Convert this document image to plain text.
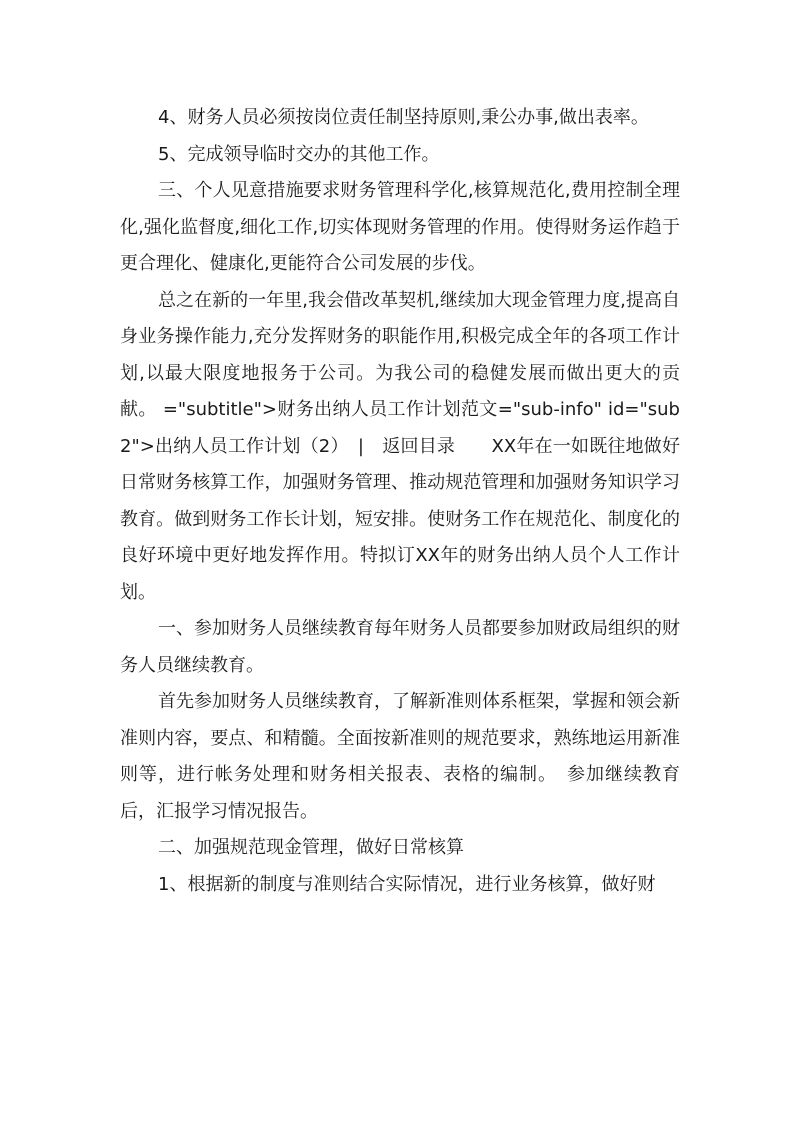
4、财务人员必须按岗位责任制坚持原则,秉公办事,做出表率。

5、完成领导临时交办的其他工作。

三、个人见意措施要求财务管理科学化,核算规范化,费用控制全理化,强化监督度,细化工作,切实体现财务管理的作用。使得财务运作趋于更合理化、健康化,更能符合公司发展的步伐。

总之在新的一年里,我会借改革契机,继续加大现金管理力度,提高自身业务操作能力,充分发挥财务的职能作用,积极完成全年的各项工作计划,以最大限度地报务于公司。为我公司的稳健发展而做出更大的贡献。 ="subtitle">财务出纳人员工作计划范文="sub-info" id="sub2">出纳人员工作计划（2）　|　返回目录　　XX年在一如既往地做好日常财务核算工作，加强财务管理、推动规范管理和加强财务知识学习教育。做到财务工作长计划，短安排。使财务工作在规范化、制度化的良好环境中更好地发挥作用。特拟订XX年的财务出纳人员个人工作计划。

一、参加财务人员继续教育每年财务人员都要参加财政局组织的财务人员继续教育。

首先参加财务人员继续教育，了解新准则体系框架，掌握和领会新准则内容，要点、和精髓。全面按新准则的规范要求，熟练地运用新准则等，进行帐务处理和财务相关报表、表格的编制。　参加继续教育后，汇报学习情况报告。

二、加强规范现金管理，做好日常核算

1、根据新的制度与准则结合实际情况，进行业务核算，做好财
